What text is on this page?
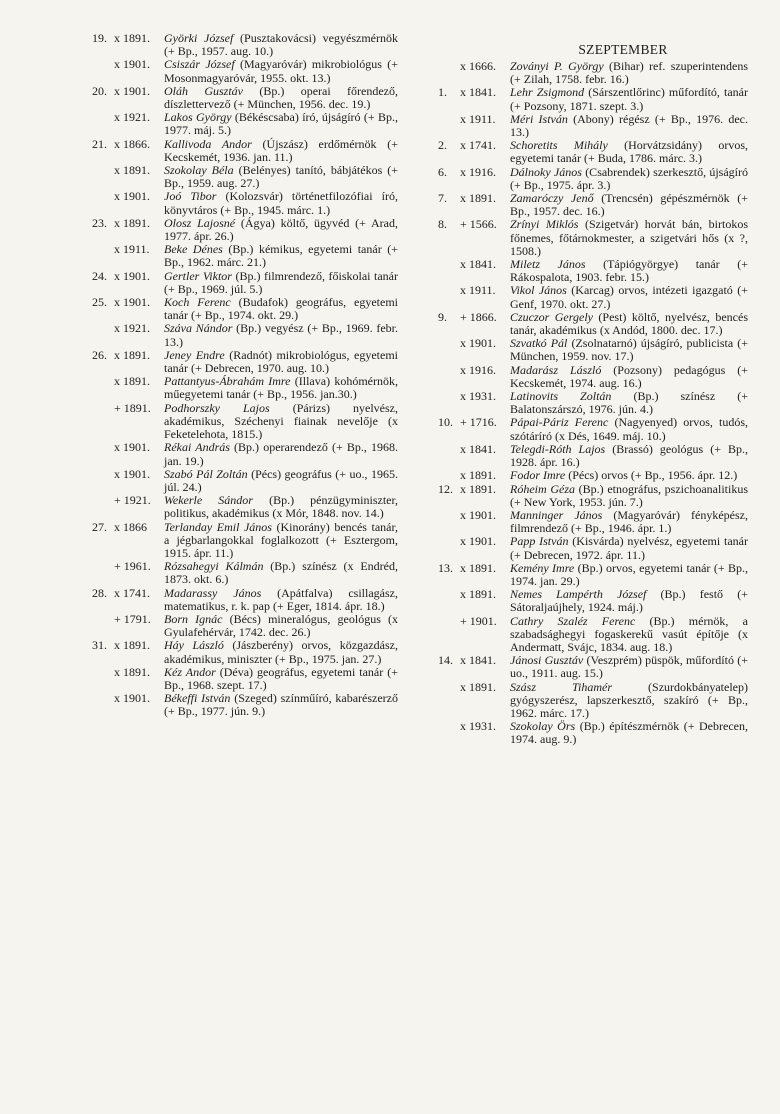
19. x 1891.	Györki József (Pusztakovácsi) vegyészmérnök (+ Bp., 1957. aug. 10.)
x 1901.	Csiszár József (Magyaróvár) mikrobiológus (+ Mosonmagyaróvár, 1955. okt. 13.)
20. x 1901.	Oláh Gusztáv (Bp.) operai főrendező, díszlettervező (+ München, 1956. dec. 19.)
x 1921.	Lakos György (Békéscsaba) író, újságíró (+ Bp., 1977. máj. 5.)
21. x 1866.	Kallivoda Andor (Újszász) erdőmérnök (+ Kecskemét, 1936. jan. 11.)
x 1891.	Szokolay Béla (Belényes) tanító, bábjátékos (+ Bp., 1959. aug. 27.)
x 1901.	Joó Tibor (Kolozsvár) történetfilozófiai író, könyvtáros (+ Bp., 1945. márc. 1.)
23. x 1891.	Olosz Lajosné (Ágya) költő, ügyvéd (+ Arad, 1977. ápr. 26.)
x 1911.	Beke Dénes (Bp.) kémikus, egyetemi tanár (+ Bp., 1962. márc. 21.)
24. x 1901.	Gertler Viktor (Bp.) filmrendező, főiskolai tanár (+ Bp., 1969. júl. 5.)
25. x 1901.	Koch Ferenc (Budafok) geográfus, egyetemi tanár (+ Bp., 1974. okt. 29.)
x 1921.	Száva Nándor (Bp.) vegyész (+ Bp., 1969. febr. 13.)
26. x 1891.	Jeney Endre (Radnót) mikrobiológus, egyetemi tanár (+ Debrecen, 1970. aug. 10.)
x 1891.	Pattantyus-Ábrahám Imre (Illava) kohómérnök, műegyetemi tanár (+ Bp., 1956. jan.30.)
+ 1891.	Podhorszky Lajos (Párizs) nyelvész, akadémikus, Széchenyi fiainak nevelője (x Feketelehota, 1815.)
x 1901.	Rékai András (Bp.) operarendező (+ Bp., 1968. jan. 19.)
x 1901.	Szabó Pál Zoltán (Pécs) geográfus (+ uo., 1965. júl. 24.)
+ 1921.	Wekerle Sándor (Bp.) pénzügyminiszter, politikus, akadémikus (x Mór, 1848. nov. 14.)
27. x 1866	Terlanday Emil János (Kinorány) bencés tanár, a jégbarlangokkal foglalkozott (+ Esztergom, 1915. ápr. 11.)
+ 1961.	Rózsahegyi Kálmán (Bp.) színész (x Endréd, 1873. okt. 6.)
28. x 1741.	Madarassy János (Apátfalva) csillagász, matematikus, r. k. pap (+ Eger, 1814. ápr. 18.)
+ 1791.	Born Ignác (Bécs) mineralógus, geológus (x Gyulafehérvár, 1742. dec. 26.)
31. x 1891.	Háy László (Jászberény) orvos, közgazdász, akadémikus, miniszter (+ Bp., 1975. jan. 27.)
x 1891.	Kéz Andor (Déva) geográfus, egyetemi tanár (+ Bp., 1968. szept. 17.)
x 1901.	Békeffi István (Szeged) színműíró, kabarészerző (+ Bp., 1977. jún. 9.)
SZEPTEMBER
x 1666.	Zoványi P. György (Bihar) ref. szuperintendens (+ Zilah, 1758. febr. 16.)
1.	x 1841.	Lehr Zsigmond (Sárszentlőrinc) műfordító, tanár (+ Pozsony, 1871. szept. 3.)
x 1911.	Méri István (Abony) régész (+ Bp., 1976. dec. 13.)
2.	x 1741.	Schoretits Mihály (Horvátzsidány) orvos, egyetemi tanár (+ Buda, 1786. márc. 3.)
6.	x 1916.	Dálnoky János (Csabrendek) szerkesztő, újságíró (+ Bp., 1975. ápr. 3.)
7.	x 1891.	Zamaróczy Jenő (Trencsén) gépészmérnök (+ Bp., 1957. dec. 16.)
8.	+ 1566.	Zrínyi Miklós (Szigetvár) horvát bán, birtokos főnemes, főtárnokmester, a szigetvári hős (x ?, 1508.)
x 1841.	Miletz János (Tápiógyörgye) tanár (+ Rákospalota, 1903. febr. 15.)
x 1911.	Vikol János (Karcag) orvos, intézeti igazgató (+ Genf, 1970. okt. 27.)
9.	+ 1866.	Czuczor Gergely (Pest) költő, nyelvész, bencés tanár, akadémikus (x Andód, 1800. dec. 17.)
x 1901.	Szvatkó Pál (Zsolnatarnó) újságíró, publicista (+ München, 1959. nov. 17.)
x 1916.	Madarász László (Pozsony) pedagógus (+ Kecskemét, 1974. aug. 16.)
x 1931.	Latinovits Zoltán (Bp.) színész (+ Balatonszárszó, 1976. jún. 4.)
10. + 1716.	Pápai-Páriz Ferenc (Nagyenyed) orvos, tudós, szótáríró (x Dés, 1649. máj. 10.)
x 1841.	Telegdi-Róth Lajos (Brassó) geológus (+ Bp., 1928. ápr. 16.)
x 1891.	Fodor Imre (Pécs) orvos (+ Bp., 1956. ápr. 12.)
12. x 1891.	Róheim Géza (Bp.) etnográfus, pszichoanalitikus (+ New York, 1953. jún. 7.)
x 1901.	Manninger János (Magyaróvár) fényképész, filmrendező (+ Bp., 1946. ápr. 1.)
x 1901.	Papp István (Kisvárda) nyelvész, egyetemi tanár (+ Debrecen, 1972. ápr. 11.)
13. x 1891.	Kemény Imre (Bp.) orvos, egyetemi tanár (+ Bp., 1974. jan. 29.)
x 1891.	Nemes Lampérth József (Bp.) festő (+ Sátoraljaújhely, 1924. máj.)
+ 1901.	Cathry Szaléz Ferenc (Bp.) mérnök, a szabadsághegyi fogaskerekű vasút építője (x Andermatt, Svájc, 1834. aug. 18.)
14. x 1841.	Jánosi Gusztáv (Veszprém) püspök, műfordító (+ uo., 1911. aug. 15.)
x 1891.	Szász Tihamér (Szurdokbányatelep) gyógyszerész, lapszerkesztő, szakíró (+ Bp., 1962. márc. 17.)
x 1931.	Szokolay Örs (Bp.) építészmérnök (+ Debrecen, 1974. aug. 9.)
